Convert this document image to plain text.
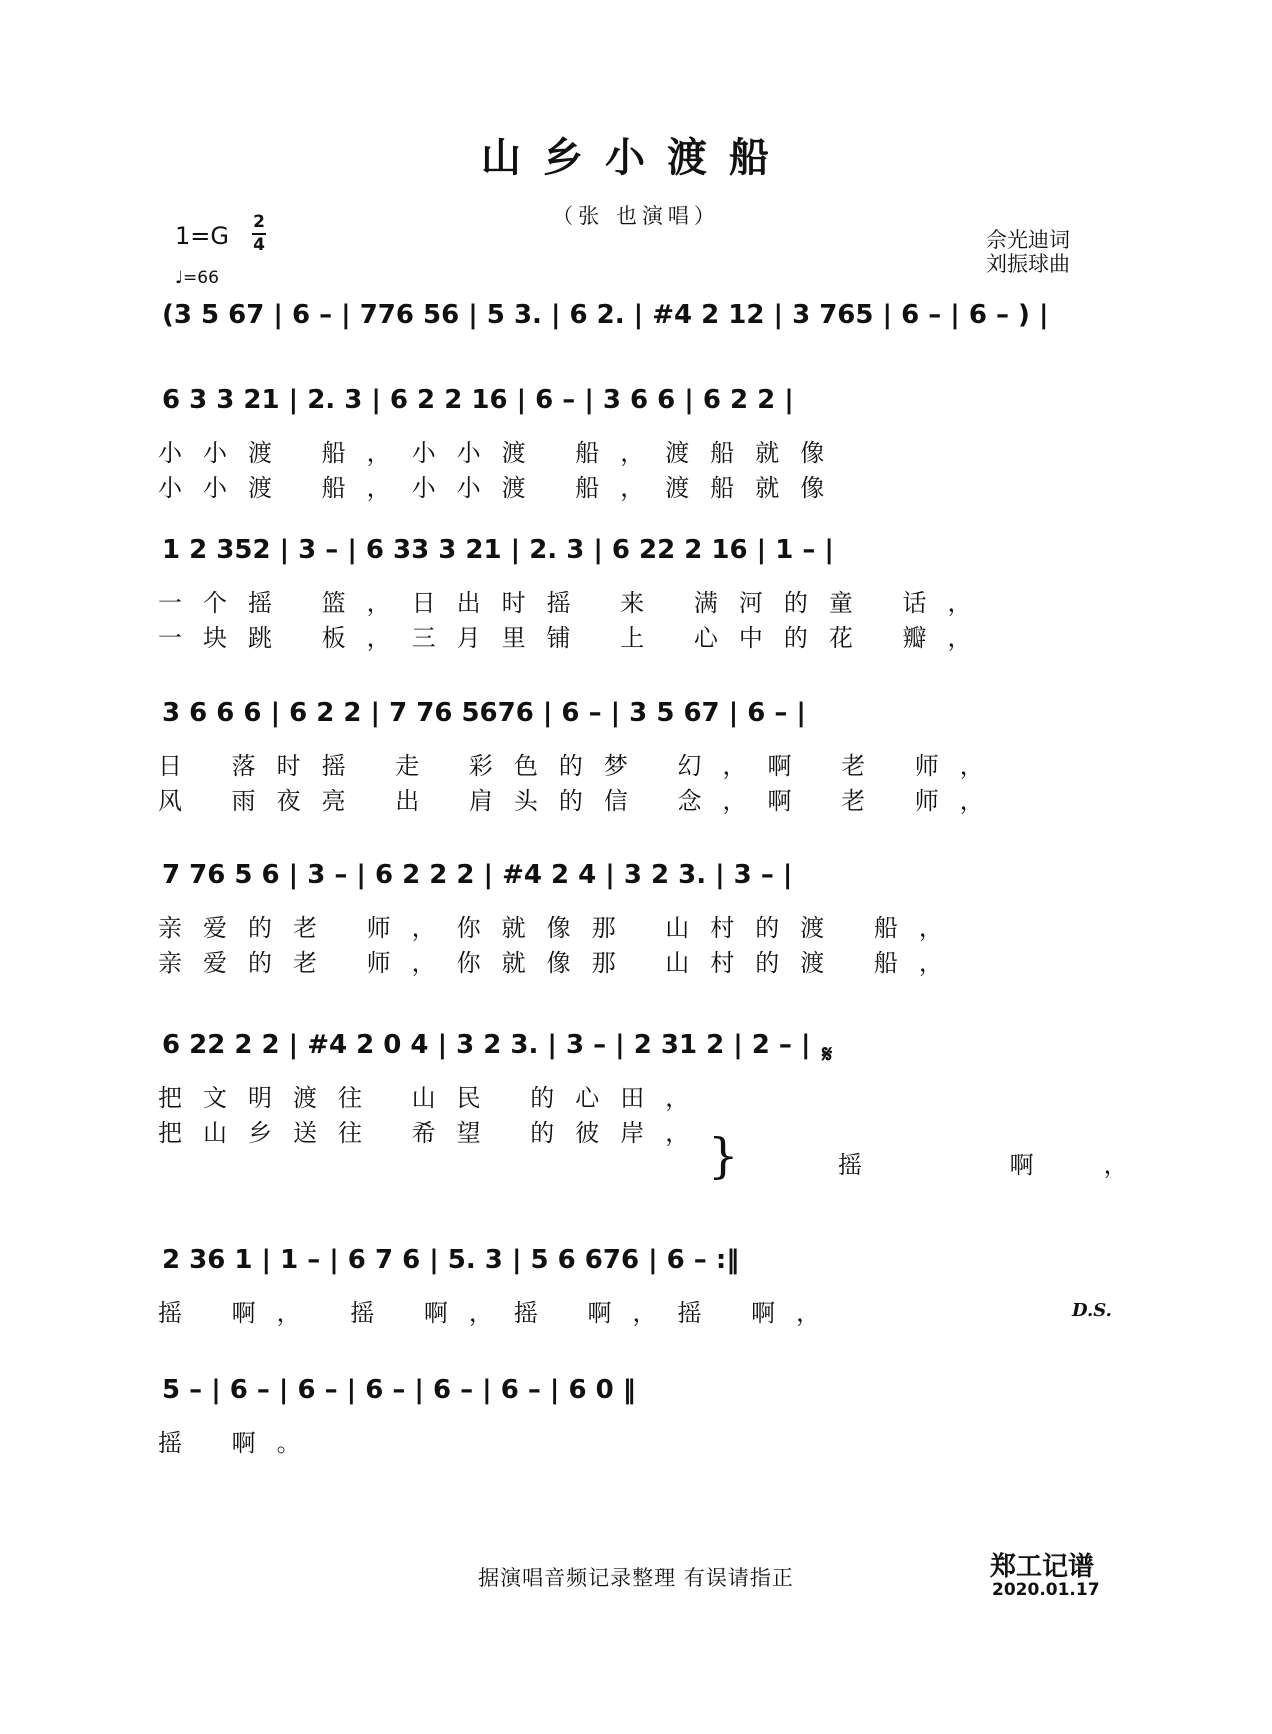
山乡小渡船
（张 也演唱）
1=G 2
4
♩=66
佘光迪词
刘振球曲
(3 5 67 | 6 – | 776 56 | 5 3. | 6 2. | #4 2 12 | 3 765 | 6 – | 6 – ) |
6 3 3 21 | 2. 3 | 6 2 2 16 | 6 – | 3 6 6 | 6 2 2 |
小小渡 船，小小渡 船，渡船就像
小小渡 船，小小渡 船，渡船就像
1 2 352 | 3 – | 6 33 3 21 | 2. 3 | 6 22 2 16 | 1 – |
一个摇 篮，日出时摇 来 满河的童 话，
一块跳 板，三月里铺 上 心中的花 瓣，
3 6 6 6 | 6 2 2 | 7 76 5676 | 6 – | 3 5 67 | 6 – |
日 落时摇 走 彩色的梦 幻，啊 老 师，
风 雨夜亮 出 肩头的信 念，啊 老 师，
7 76 5 6 | 3 – | 6 2 2 2 | #4 2 4 | 3 2 3. | 3 – |
亲爱的老 师，你就像那 山村的渡 船，
亲爱的老 师，你就像那 山村的渡 船，
6 22 2 2 | #4 2 0 4 | 3 2 3. | 3 – | 2 31 2 | 2 – |
把文明渡往 山民 的心田，
把山乡送往 希望 的彼岸，
𝄋
}	摇 啊，
2 36 1 | 1 – | 6 7 6 | 5. 3 | 5 6 676 | 6 – :‖
摇 啊， 摇 啊，摇 啊，摇 啊，	D.S.
5 – | 6 – | 6 – | 6 – | 6 – | 6 – | 6 0 ‖
摇 啊。
据演唱音频记录整理 有误请指正	郑工记谱
2020.01.17
